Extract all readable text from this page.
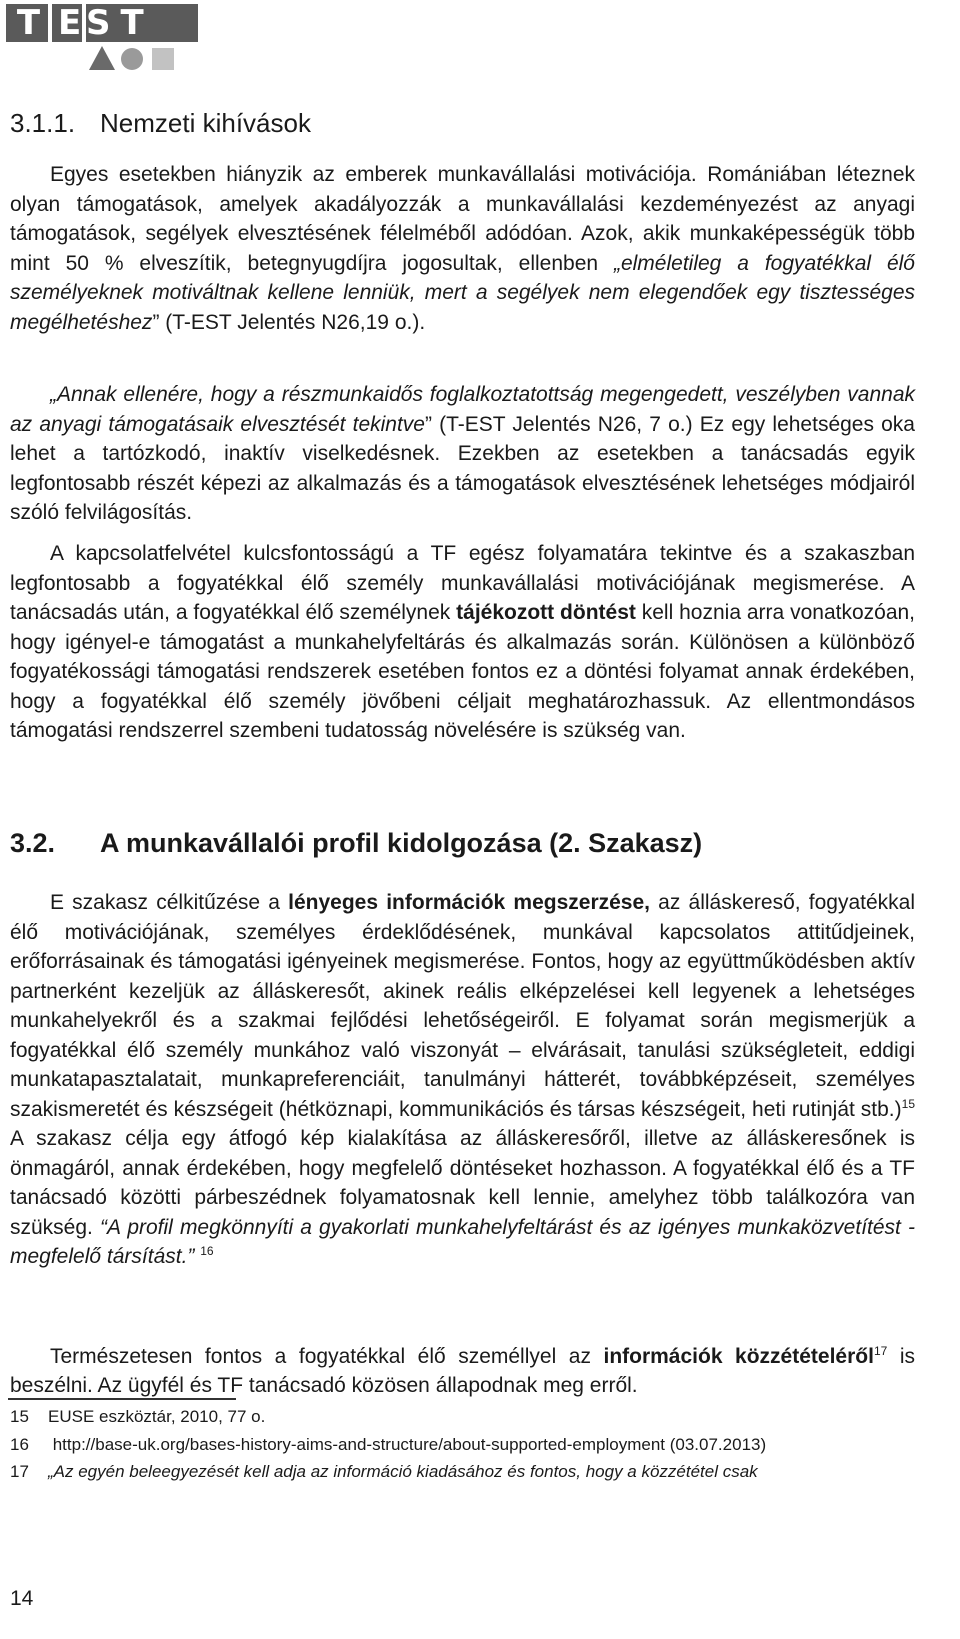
T E ST
3.1.1. Nemzeti kihívások

Egyes esetekben hiányzik az emberek munkavállalási motivációja. Romániában léteznek olyan támogatások, amelyek akadályozzák a munkavállalási kezdeményezést az anyagi támogatások, segélyek elvesztésének félelméből adódóan. Azok, akik munkaképességük több mint 50 % elveszítik, betegnyugdíjra jogosultak, ellenben „elméletileg a fogyatékkal élő személyeknek motiváltnak kellene lenniük, mert a segélyek nem elegendőek egy tisztességes megélhetéshez” (T-EST Jelentés N26,19 o.).

„Annak ellenére, hogy a részmunkaidős foglalkoztatottság megengedett, veszélyben vannak az anyagi támogatásaik elvesztését tekintve” (T-EST Jelentés N26, 7 o.) Ez egy lehetséges oka lehet a tartózkodó, inaktív viselkedésnek. Ezekben az esetekben a tanácsadás egyik legfontosabb részét képezi az alkalmazás és a támogatások elvesztésének lehetséges módjairól szóló felvilágosítás.

A kapcsolatfelvétel kulcsfontosságú a TF egész folyamatára tekintve és a szakaszban legfontosabb a fogyatékkal élő személy munkavállalási motivációjának megismerése. A tanácsadás után, a fogyatékkal élő személynek tájékozott döntést kell hoznia arra vonatkozóan, hogy igényel-e támogatást a munkahelyfeltárás és alkalmazás során. Különösen a különböző fogyatékossági támogatási rendszerek esetében fontos ez a döntési folyamat annak érdekében, hogy a fogyatékkal élő személy jövőbeni céljait meghatározhassuk. Az ellentmondásos támogatási rendszerrel szembeni tudatosság növelésére is szükség van.

3.2. A munkavállalói profil kidolgozása (2. Szakasz)

E szakasz célkitűzése a lényeges információk megszerzése, az álláskereső, fogyatékkal élő motivációjának, személyes érdeklődésének, munkával kapcsolatos attitűdjeinek, erőforrásainak és támogatási igényeinek megismerése. Fontos, hogy az együttműködésben aktív partnerként kezeljük az álláskeresőt, akinek reális elképzelései kell legyenek a lehetséges munkahelyekről és a szakmai fejlődési lehetőségeiről. E folyamat során megismerjük a fogyatékkal élő személy munkához való viszonyát – elvárásait, tanulási szükségleteit, eddigi munkatapasztalatait, munkapreferenciáit, tanulmányi hátterét, továbbképzéseit, személyes szakismeretét és készségeit (hétköznapi, kommunikációs és társas készségeit, heti rutinját stb.)$^{15}$ A szakasz célja egy átfogó kép kialakítása az álláskeresőről, illetve az álláskeresőnek is önmagáról, annak érdekében, hogy megfelelő döntéseket hozhasson. A fogyatékkal élő és a TF tanácsadó közötti párbeszédnek folyamatosnak kell lennie, amelyhez több találkozóra van szükség. “A profil megkönnyíti a gyakorlati munkahelyfeltárást és az igényes munkaközvetítést - megfelelő társítást.” $^{16}$

Természetesen fontos a fogyatékkal élő személlyel az információk közzétételéről$^{17}$ is beszélni. Az ügyfél és TF tanácsadó közösen állapodnak meg erről.

15 EUSE eszköztár, 2010, 77 o.
16 http://base-uk.org/bases-history-aims-and-structure/about-supported-employment (03.07.2013)
17 „Az egyén beleegyezését kell adja az információ kiadásához és fontos, hogy a közzététel csak
14
